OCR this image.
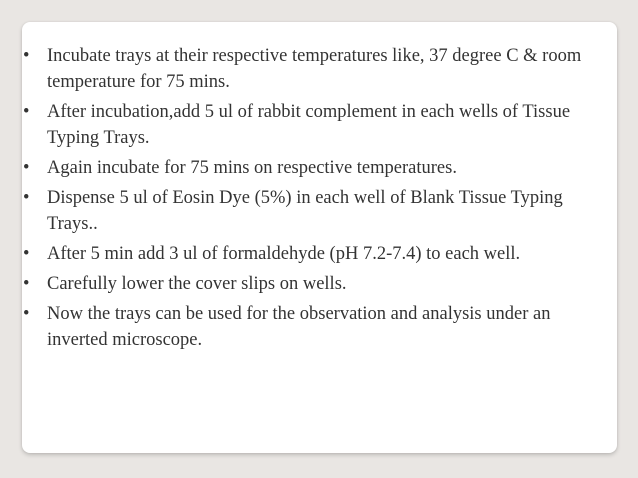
• Incubate trays at their respective temperatures like, 37 degree C & room temperature for 75 mins.
• After incubation,add 5 ul of rabbit complement in each wells of Tissue Typing Trays.
• Again incubate for 75 mins on respective temperatures.
• Dispense 5 ul of Eosin Dye (5%) in each well of Blank Tissue Typing Trays..
• After 5 min add 3 ul of formaldehyde (pH 7.2-7.4) to each well.
• Carefully lower the cover slips on wells.
• Now the trays can be used for the observation and analysis under an inverted microscope.
